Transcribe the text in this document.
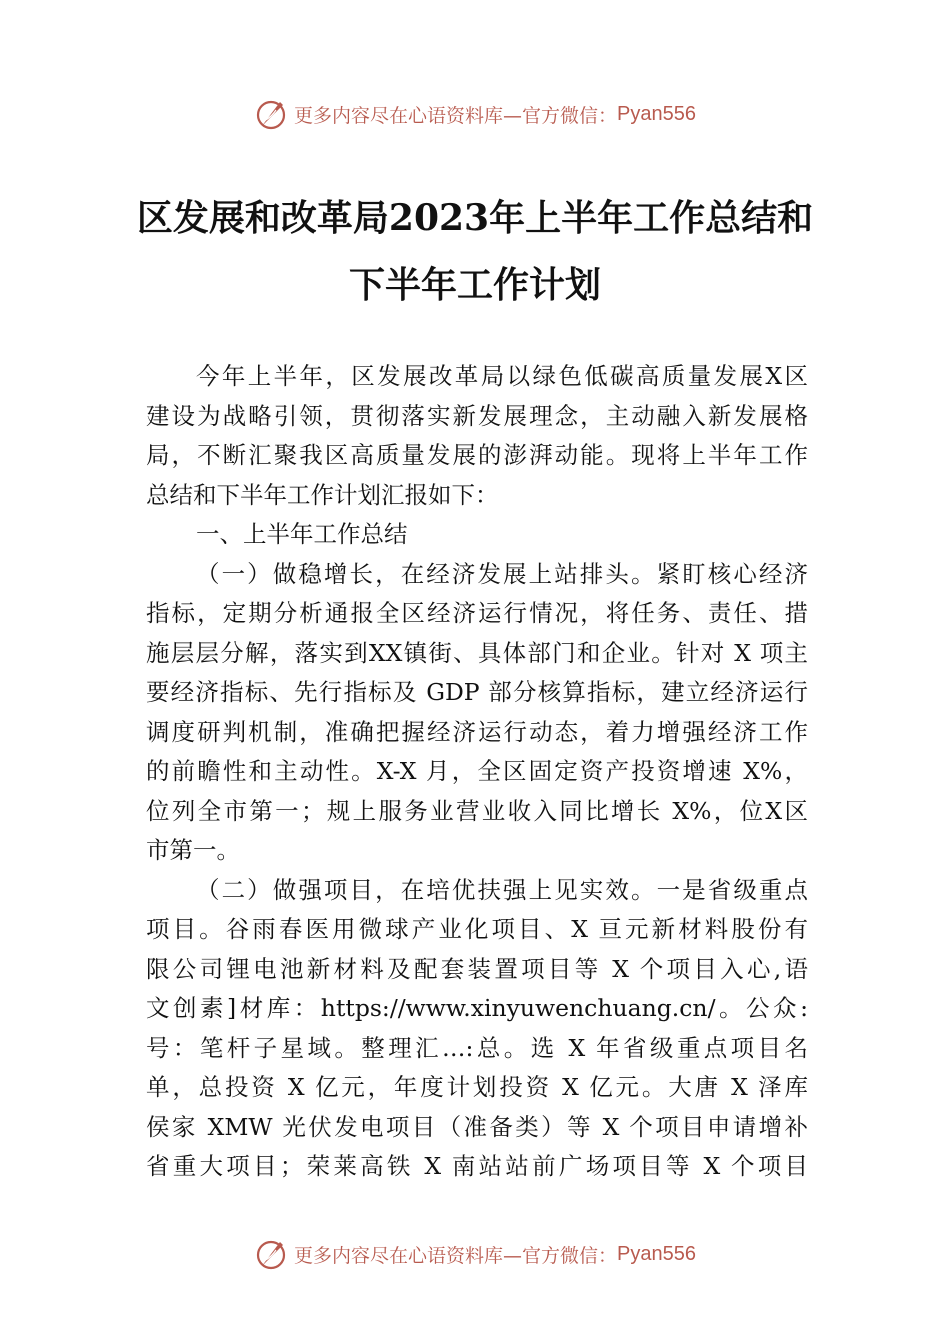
更多内容尽在心语资料库—官方微信： Pyan556
区发展和改革局2023年上半年工作总结和
下半年工作计划
今年上半年，区发展改革局以绿色低碳高质量发展X区
建设为战略引领，贯彻落实新发展理念，主动融入新发展格
局，不断汇聚我区高质量发展的澎湃动能。现将上半年工作
总结和下半年工作计划汇报如下：
一、上半年工作总结
（一）做稳增长，在经济发展上站排头。紧盯核心经济
指标，定期分析通报全区经济运行情况，将任务、责任、措
施层层分解，落实到XX镇街、具体部门和企业。针对 X 项主
要经济指标、先行指标及 GDP 部分核算指标，建立经济运行
调度研判机制，准确把握经济运行动态，着力增强经济工作
的前瞻性和主动性。X-X 月，全区固定资产投资增速 X%，
位列全市第一；规上服务业营业收入同比增长 X%，位X区
市第一。
（二）做强项目，在培优扶强上见实效。一是省级重点
项目。谷雨春医用微球产业化项目、X 亘元新材料股份有
限公司锂电池新材料及配套装置项目等 X 个项目入心,语
文创素]材库：https://www.xinyuwenchuang.cn/。公众:
号：笔杆子星域。整理汇…:总。选 X 年省级重点项目名
单，总投资 X 亿元，年度计划投资 X 亿元。大唐 X 泽库
侯家 XMW 光伏发电项目（准备类）等 X 个项目申请增补
省重大项目；荣莱高铁 X 南站站前广场项目等 X 个项目
更多内容尽在心语资料库—官方微信： Pyan556
